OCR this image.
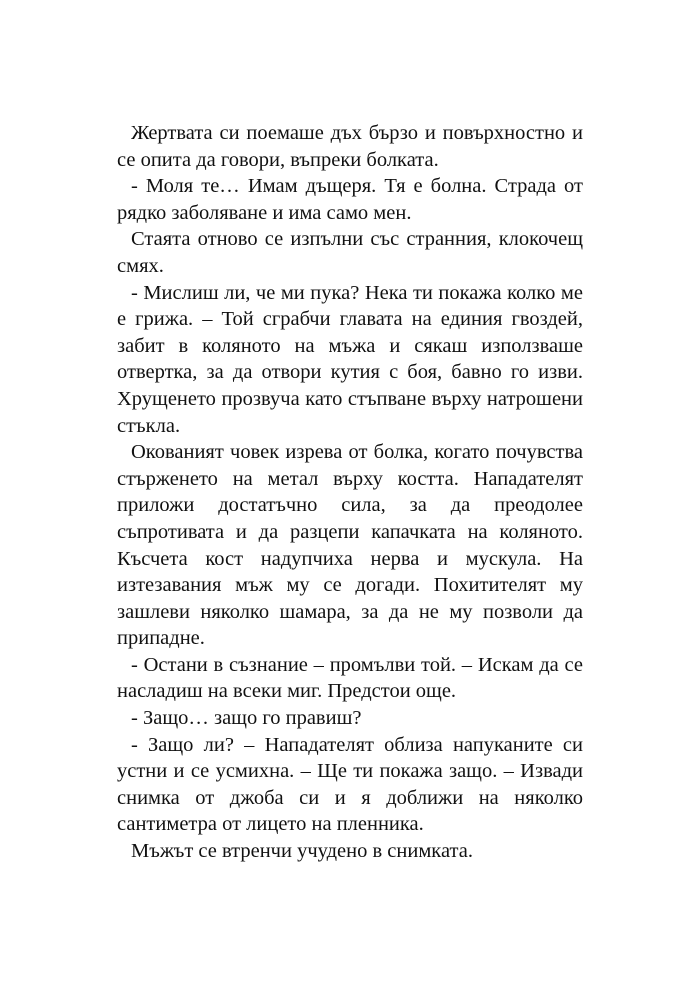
Жертвата си поемаше дъх бързо и повърхностно и се опита да говори, въпреки болката.

- Моля те… Имам дъщеря. Тя е болна. Страда от рядко заболяване и има само мен.

Стаята отново се изпълни със странния, клокочещ смях.

- Мислиш ли, че ми пука? Нека ти покажа колко ме е грижа. – Той сграбчи главата на единия гвоздей, забит в коляното на мъжа и сякаш използваше отвертка, за да отвори кутия с боя, бавно го изви. Хрущенето прозвуча като стъпване върху натрошени стъкла.

Окованият човек изрева от болка, когато почувства стърженето на метал върху костта. Нападателят приложи достатъчно сила, за да преодолее съпротивата и да разцепи капачката на коляното. Късчета кост надупчиха нерва и мускула. На изтезавания мъж му се догади. Похитителят му зашлеви няколко шамара, за да не му позволи да припадне.

- Остани в съзнание – промълви той. – Искам да се насладиш на всеки миг. Предстои още.

- Защо… защо го правиш?

- Защо ли? – Нападателят облиза напуканите си устни и се усмихна. – Ще ти покажа защо. – Извади снимка от джоба си и я доближи на няколко сантиметра от лицето на пленника.

Мъжът се втренчи учудено в снимката.
